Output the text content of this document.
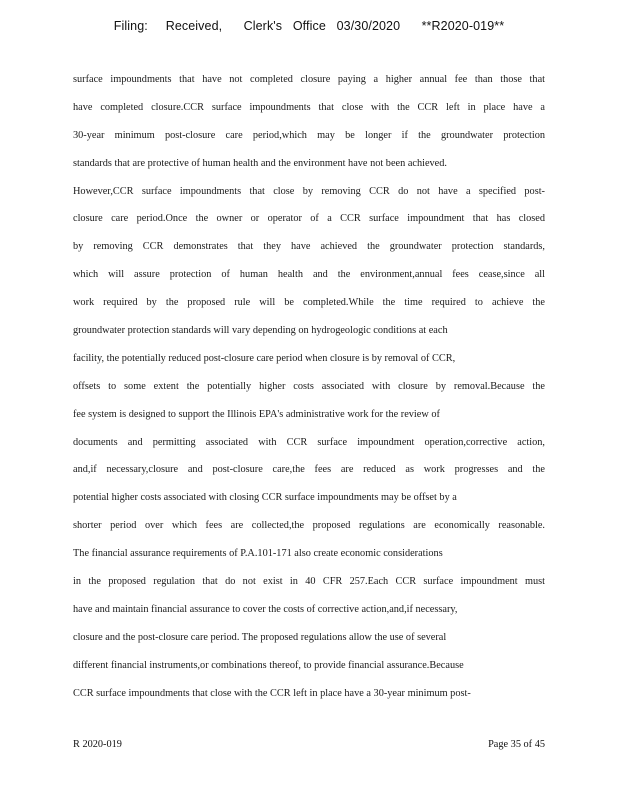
Filing:     Received,      Clerk's   Office   03/30/2020      **R2020-019**
surface impoundments that have not completed closure paying a higher annual fee than those that
have completed closure.CCR surface impoundments that close with the CCR left in place have a
30-year minimum post-closure care period,which may be longer if the groundwater protection
standards that are protective of human health and the environment have not been achieved.
However,CCR surface impoundments that close by removing CCR do not have a specified post-
closure care period.Once the owner or operator of a CCR surface impoundment that has closed
by removing CCR demonstrates that they have achieved the groundwater protection standards,
which will assure protection of human health and the environment,annual fees cease,since all
work required by the proposed rule will be completed.While the time required to achieve the
groundwater protection standards will vary depending on hydrogeologic conditions at each
facility, the potentially reduced post-closure care period when closure is by removal of CCR,
offsets to some extent the potentially higher costs associated with closure by removal.Because the
fee system is designed to support the Illinois EPA's administrative work for the review of
documents and permitting associated with CCR surface impoundment operation,corrective action,
and,if necessary,closure and post-closure care,the fees are reduced as work progresses and the
potential higher costs associated with closing CCR surface impoundments may be offset by a
shorter period over which fees are collected,the proposed regulations are economically reasonable.
The financial assurance requirements of P.A.101-171 also create economic considerations
in the proposed regulation that do not exist in 40 CFR 257.Each CCR surface impoundment must
have and maintain financial assurance to cover the costs of corrective action,and,if necessary,
closure and the post-closure care period. The proposed regulations allow the use of several
different financial instruments,or combinations thereof, to provide financial assurance.Because
CCR surface impoundments that close with the CCR left in place have a 30-year minimum post-
R 2020-019	Page 35 of 45
